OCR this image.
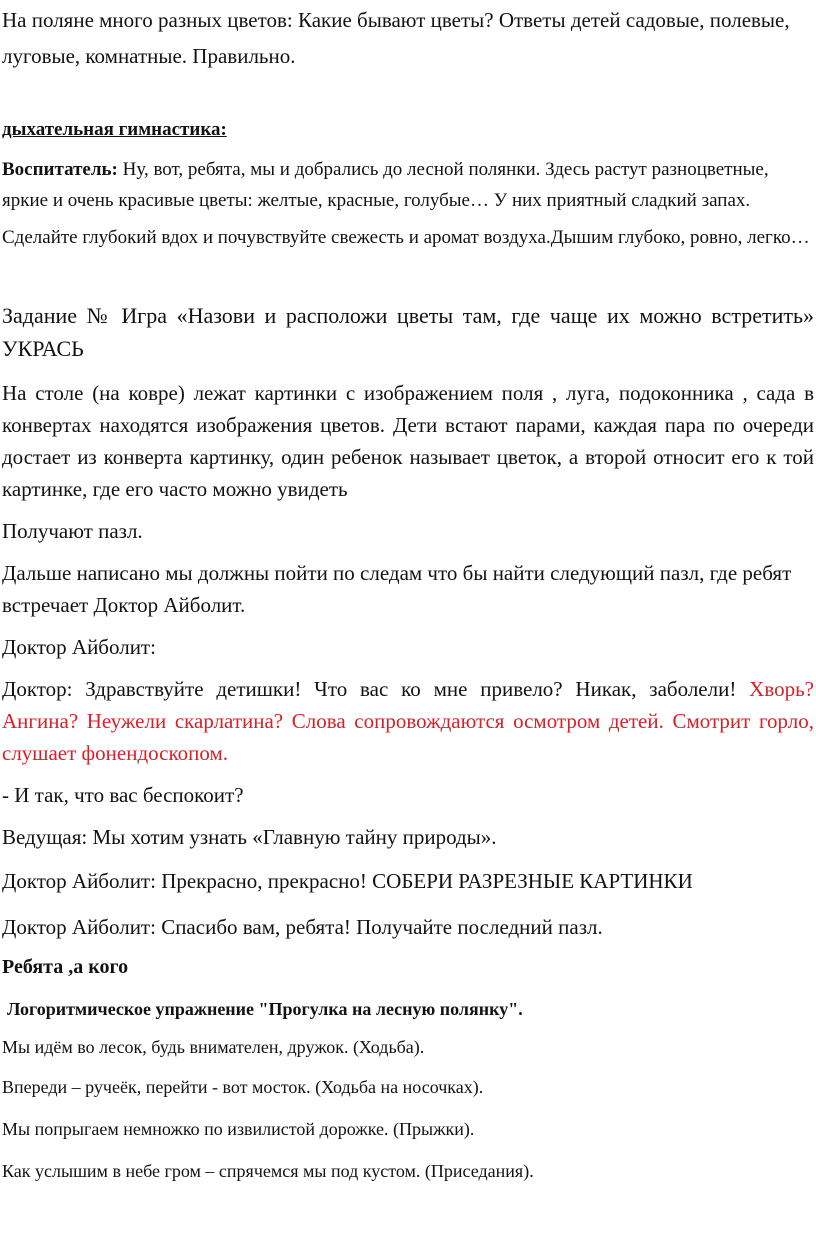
На поляне много разных цветов: Какие бывают цветы? Ответы детей садовые, полевые, луговые, комнатные. Правильно.

дыхательная гимнастика:

Воспитатель: Ну, вот, ребята, мы и добрались до лесной полянки. Здесь растут разноцветные, яркие и очень красивые цветы: желтые, красные, голубые… У них приятный сладкий запах.

Сделайте глубокий вдох и почувствуйте свежесть и аромат воздуха.Дышим глубоко, ровно, легко…

Задание № Игра «Назови и расположи цветы там, где чаще их можно встретить» УКРАСЬ

На столе (на ковре) лежат картинки с изображением поля , луга, подоконника , сада в конвертах находятся изображения цветов. Дети встают парами, каждая пара по очереди достает из конверта картинку, один ребенок называет цветок, а второй относит его к той картинке, где его часто можно увидеть

Получают пазл.

Дальше написано мы должны пойти по следам что бы найти следующий пазл, где ребят встречает Доктор Айболит.

Доктор Айболит:

Доктор: Здравствуйте детишки! Что вас ко мне привело? Никак, заболели! Хворь? Ангина? Неужели скарлатина? Слова сопровождаются осмотром детей. Смотрит горло, слушает фонендоскопом.

- И так, что вас беспокоит?

Ведущая: Мы хотим узнать «Главную тайну природы».

Доктор Айболит: Прекрасно, прекрасно! СОБЕРИ РАЗРЕЗНЫЕ КАРТИНКИ

Доктор Айболит: Спасибо вам, ребята! Получайте последний пазл.

Ребята ,а кого

Логоритмическое упражнение "Прогулка на лесную полянку".

Мы идём во лесок, будь внимателен, дружок. (Ходьба).

Впереди – ручеёк, перейти - вот мосток. (Ходьба на носочках).

Мы попрыгаем немножко по извилистой дорожке. (Прыжки).

Как услышим в небе гром – спрячемся мы под кустом. (Приседания).
